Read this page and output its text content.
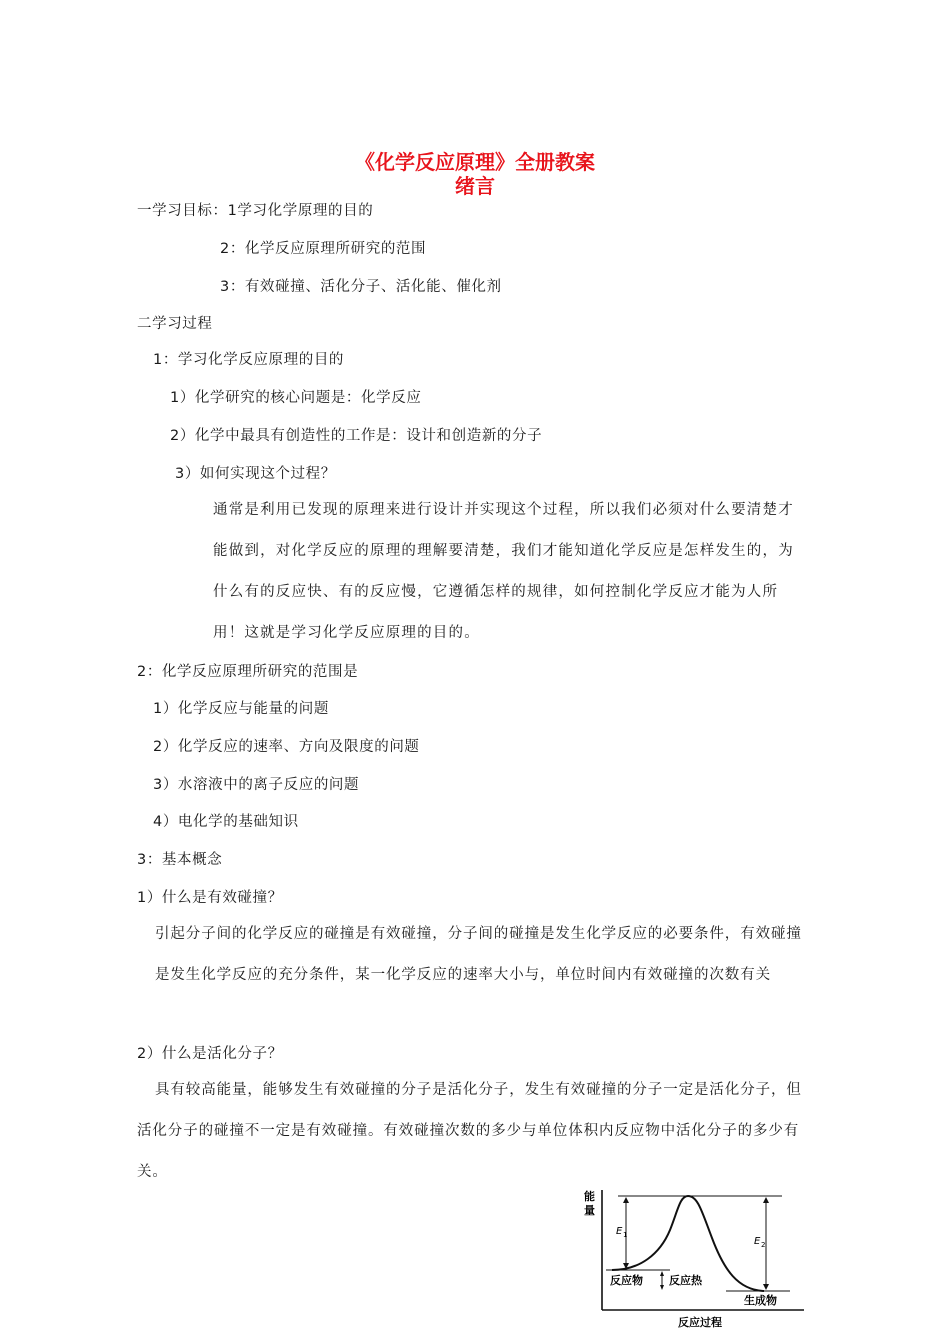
《化学反应原理》全册教案
绪言
一学习目标：1学习化学原理的目的
2：化学反应原理所研究的范围
3：有效碰撞、活化分子、活化能、催化剂
二学习过程
1：学习化学反应原理的目的
1）化学研究的核心问题是：化学反应
2）化学中最具有创造性的工作是：设计和创造新的分子
3）如何实现这个过程？
通常是利用已发现的原理来进行设计并实现这个过程，所以我们必须对什么要清楚才能做到，对化学反应的原理的理解要清楚，我们才能知道化学反应是怎样发生的，为什么有的反应快、有的反应慢，它遵循怎样的规律，如何控制化学反应才能为人所用！这就是学习化学反应原理的目的。
2：化学反应原理所研究的范围是
1）化学反应与能量的问题
2）化学反应的速率、方向及限度的问题
3）水溶液中的离子反应的问题
4）电化学的基础知识
3：基本概念
1）什么是有效碰撞？
引起分子间的化学反应的碰撞是有效碰撞，分子间的碰撞是发生化学反应的必要条件，有效碰撞是发生化学反应的充分条件，某一化学反应的速率大小与，单位时间内有效碰撞的次数有关
2）什么是活化分子？
具有较高能量，能够发生有效碰撞的分子是活化分子，发生有效碰撞的分子一定是活化分子，但活化分子的碰撞不一定是有效碰撞。有效碰撞次数的多少与单位体积内反应物中活化分子的多少有关。
能
量
E 1
E 2
反应物 反应热
生成物
反应过程
